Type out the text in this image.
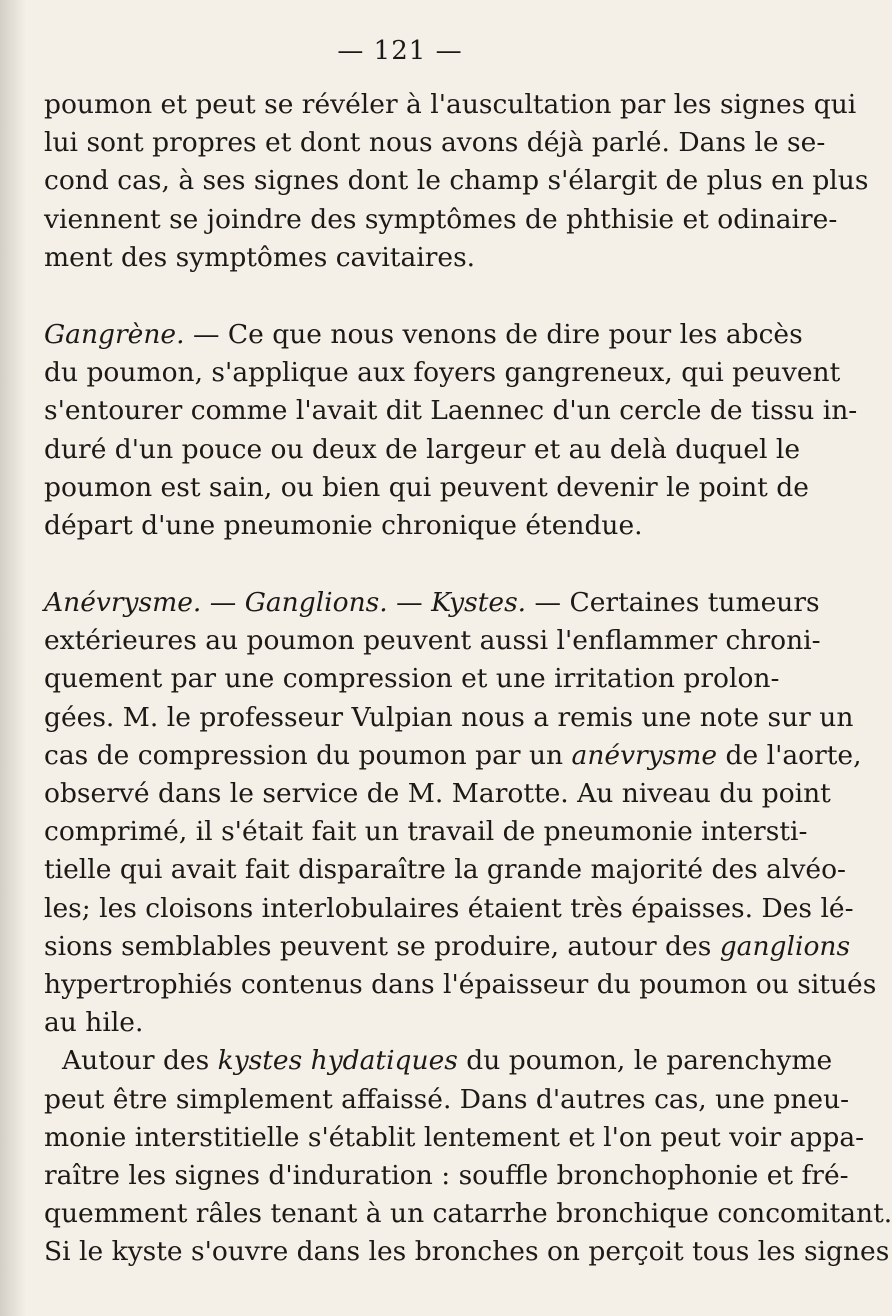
— 121 —
poumon et peut se révéler à l'auscultation par les signes qui
lui sont propres et dont nous avons déjà parlé. Dans le se-
cond cas, à ses signes dont le champ s'élargit de plus en plus
viennent se joindre des symptômes de phthisie et odinaire-
ment des symptômes cavitaires.
Gangrène. — Ce que nous venons de dire pour les abcès
du poumon, s'applique aux foyers gangreneux, qui peuvent
s'entourer comme l'avait dit Laennec d'un cercle de tissu in-
duré d'un pouce ou deux de largeur et au delà duquel le
poumon est sain, ou bien qui peuvent devenir le point de
départ d'une pneumonie chronique étendue.
Anévrysme. — Ganglions. — Kystes. — Certaines tumeurs
extérieures au poumon peuvent aussi l'enflammer chroni-
quement par une compression et une irritation prolon-
gées. M. le professeur Vulpian nous a remis une note sur un
cas de compression du poumon par un anévrysme de l'aorte,
observé dans le service de M. Marotte. Au niveau du point
comprimé, il s'était fait un travail de pneumonie intersti-
tielle qui avait fait disparaître la grande majorité des alvéo-
les; les cloisons interlobulaires étaient très épaisses. Des lé-
sions semblables peuvent se produire, autour des ganglions
hypertrophiés contenus dans l'épaisseur du poumon ou situés
au hile.
Autour des kystes hydatiques du poumon, le parenchyme
peut être simplement affaissé. Dans d'autres cas, une pneu-
monie interstitielle s'établit lentement et l'on peut voir appa-
raître les signes d'induration : souffle bronchophonie et fré-
quemment râles tenant à un catarrhe bronchique concomitant.
Si le kyste s'ouvre dans les bronches on perçoit tous les signes
